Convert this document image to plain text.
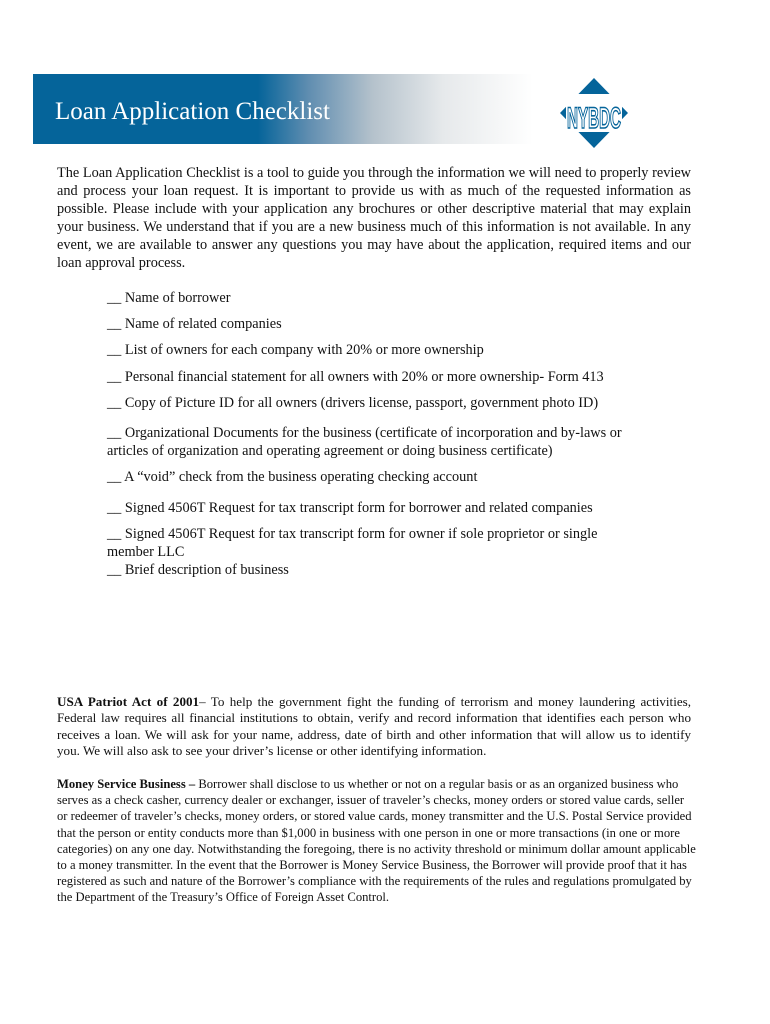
Loan Application Checklist	NYBDC
The Loan Application Checklist is a tool to guide you through the information we will need to properly review and process your loan request. It is important to provide us with as much of the requested information as possible. Please include with your application any brochures or other descriptive material that may explain your business. We understand that if you are a new business much of this information is not available. In any event, we are available to answer any questions you may have about the application, required items and our loan approval process.
__ Name of borrower
__ Name of related companies
__ List of owners for each company with 20% or more ownership
__ Personal financial statement for all owners with 20% or more ownership- Form 413
__ Copy of Picture ID for all owners (drivers license, passport, government photo ID)
__ Organizational Documents for the business (certificate of incorporation and by-laws or articles of organization and operating agreement or doing business certificate)
__ A “void” check from the business operating checking account
__ Signed 4506T Request for tax transcript form for borrower and related companies
__ Signed 4506T Request for tax transcript form for owner if sole proprietor or single member LLC
__ Brief description of business
USA Patriot Act of 2001– To help the government fight the funding of terrorism and money laundering activities, Federal law requires all financial institutions to obtain, verify and record information that identifies each person who receives a loan. We will ask for your name, address, date of birth and other information that will allow us to identify you. We will also ask to see your driver’s license or other identifying information.
Money Service Business – Borrower shall disclose to us whether or not on a regular basis or as an organized business who serves as a check casher, currency dealer or exchanger, issuer of traveler’s checks, money orders or stored value cards, seller or redeemer of traveler’s checks, money orders, or stored value cards, money transmitter and the U.S. Postal Service provided that the person or entity conducts more than $1,000 in business with one person in one or more transactions (in one or more categories) on any one day. Notwithstanding the foregoing, there is no activity threshold or minimum dollar amount applicable to a money transmitter. In the event that the Borrower is Money Service Business, the Borrower will provide proof that it has registered as such and nature of the Borrower’s compliance with the requirements of the rules and regulations promulgated by the Department of the Treasury’s Office of Foreign Asset Control.
